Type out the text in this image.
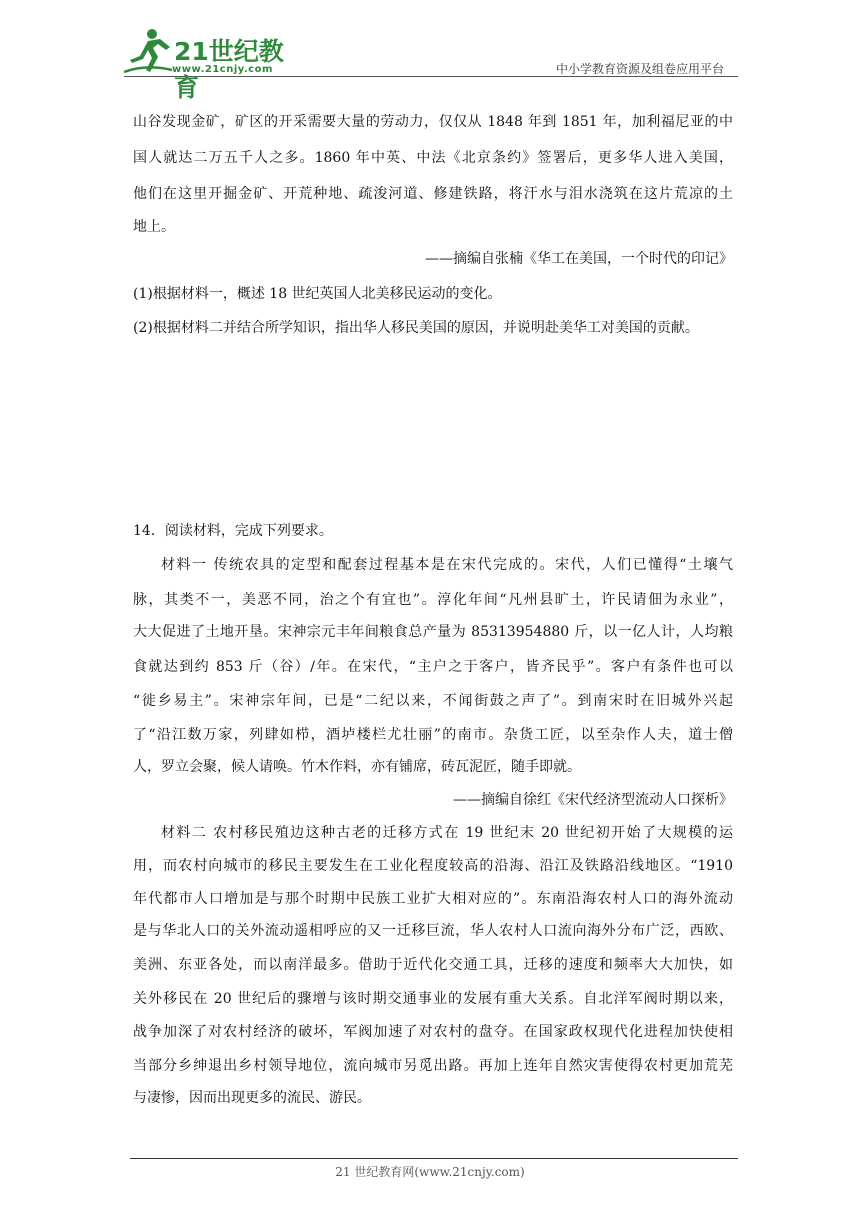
21世纪教育
www.21cnjy.com	中小学教育资源及组卷应用平台
山谷发现金矿，矿区的开采需要大量的劳动力，仅仅从 1848 年到 1851 年，加利福尼亚的中
国人就达二万五千人之多。1860 年中英、中法《北京条约》签署后，更多华人进入美国，
他们在这里开掘金矿、开荒种地、疏浚河道、修建铁路，将汗水与泪水浇筑在这片荒凉的土
地上。
——摘编自张楠《华工在美国，一个时代的印记》
(1)根据材料一，概述 18 世纪英国人北美移民运动的变化。
(2)根据材料二并结合所学知识，指出华人移民美国的原因，并说明赴美华工对美国的贡献。
14．阅读材料，完成下列要求。
材料一 传统农具的定型和配套过程基本是在宋代完成的。宋代，人们已懂得“土壤气
脉，其类不一，美恶不同，治之个有宜也”。淳化年间“凡州县旷土，许民请佃为永业”，
大大促进了土地开垦。宋神宗元丰年间粮食总产量为 85313954880 斤，以一亿人计，人均粮
食就达到约 853 斤（谷）/年。在宋代，“主户之于客户，皆齐民乎”。客户有条件也可以
“徙乡易主”。宋神宗年间，已是“二纪以来，不闻街鼓之声了”。到南宋时在旧城外兴起
了“沿江数万家，列肆如栉，酒垆楼栏尤壮丽”的南市。杂货工匠，以至杂作人夫，道士僧
人，罗立会聚，候人请唤。竹木作料，亦有铺席，砖瓦泥匠，随手即就。
——摘编自徐红《宋代经济型流动人口探析》
材料二 农村移民殖边这种古老的迁移方式在 19 世纪末 20 世纪初开始了大规模的运
用，而农村向城市的移民主要发生在工业化程度较高的沿海、沿江及铁路沿线地区。“1910
年代都市人口增加是与那个时期中民族工业扩大相对应的”。东南沿海农村人口的海外流动
是与华北人口的关外流动遥相呼应的又一迁移巨流，华人农村人口流向海外分布广泛，西欧、
美洲、东亚各处，而以南洋最多。借助于近代化交通工具，迁移的速度和频率大大加快，如
关外移民在 20 世纪后的骤增与该时期交通事业的发展有重大关系。自北洋军阀时期以来，
战争加深了对农村经济的破坏，军阀加速了对农村的盘夺。在国家政权现代化进程加快使相
当部分乡绅退出乡村领导地位，流向城市另觅出路。再加上连年自然灾害使得农村更加荒芜
与凄惨，因而出现更多的流民、游民。
21 世纪教育网(www.21cnjy.com)
